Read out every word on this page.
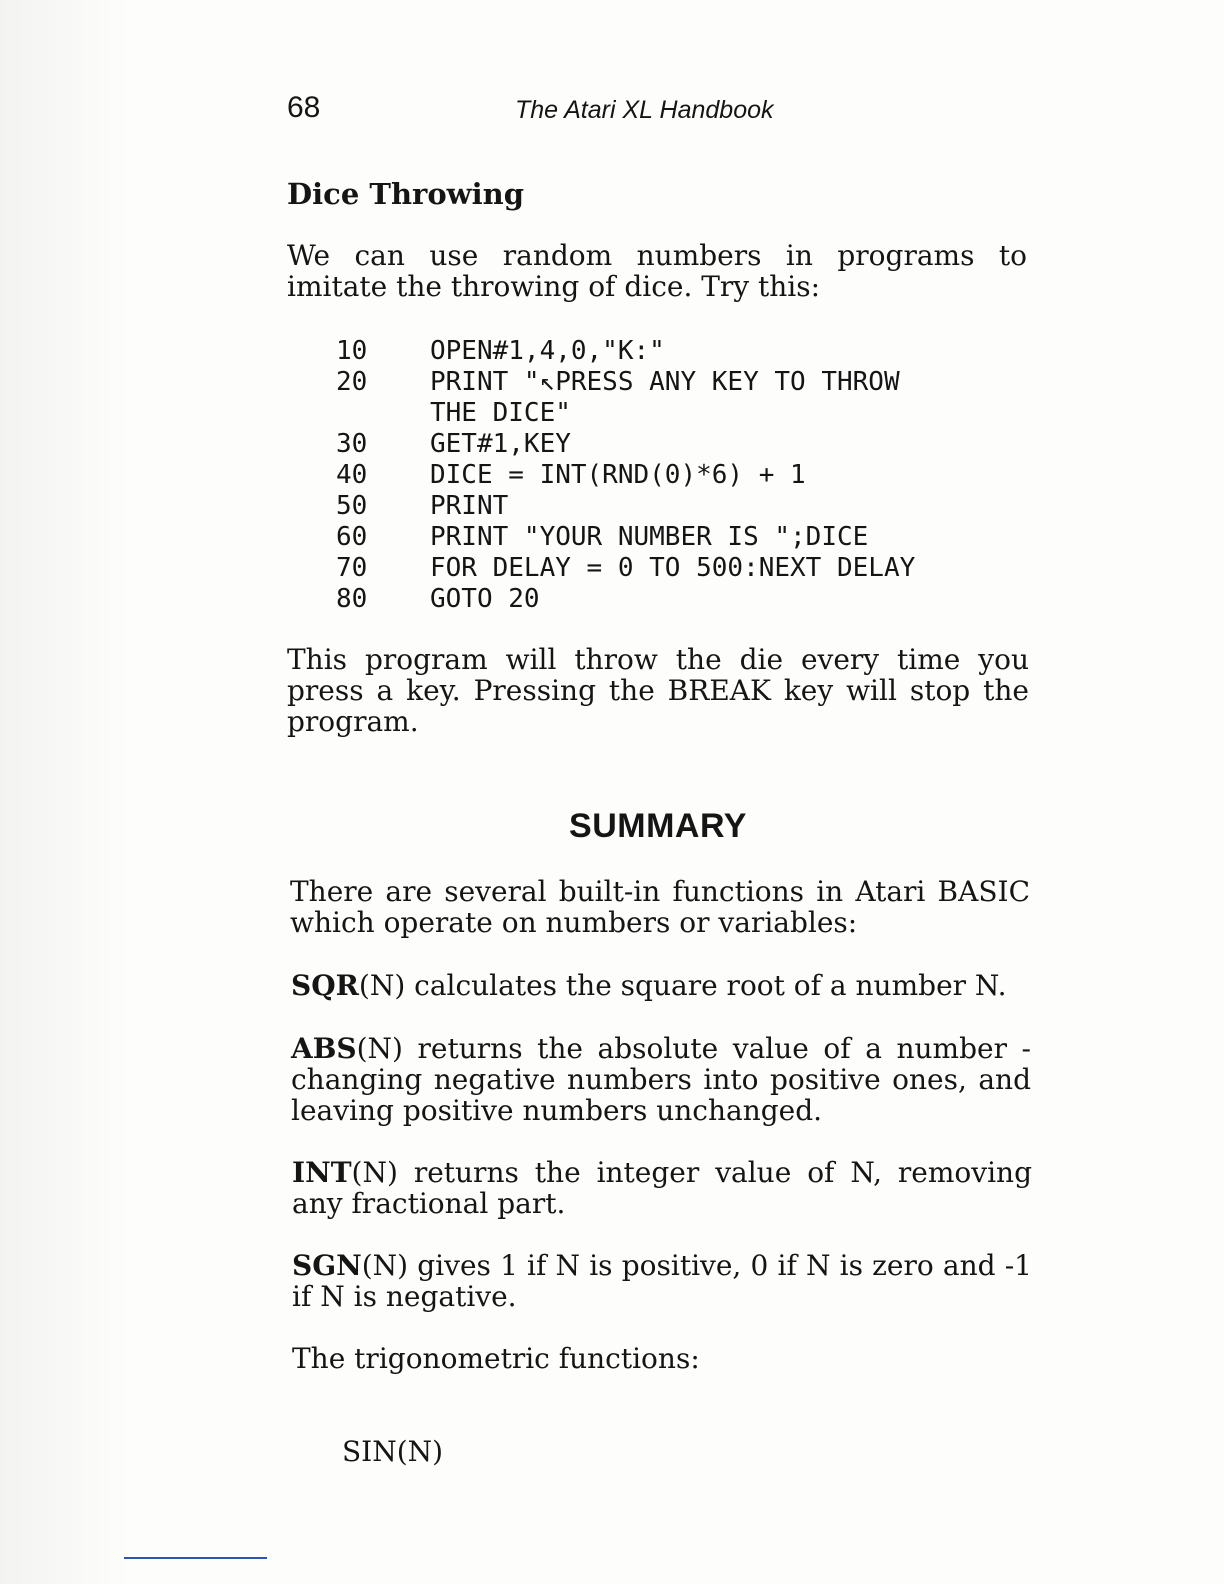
68	The Atari XL Handbook
Dice Throwing

We can use random numbers in programs to

imitate the throwing of dice. Try this:

10

OPEN#1,4,0,"K:"

20

PRINT "↖PRESS ANY KEY TO THROW

THE DICE"

30

GET#1,KEY

40

DICE = INT(RND(0)*6) + 1

50

PRINT

60

PRINT "YOUR NUMBER IS ";DICE

70

FOR DELAY = 0 TO 500:NEXT DELAY

80

GOTO 20

This program will throw the die every time you press a key. Pressing the BREAK key will stop the program.

SUMMARY

There are several built-in functions in Atari BASIC which operate on numbers or variables:

SQR(N) calculates the square root of a number N.

ABS(N) returns the absolute value of a number - changing negative numbers into positive ones, and leaving positive numbers unchanged.

INT(N) returns the integer value of N, removing any fractional part.

SGN(N) gives 1 if N is positive, 0 if N is zero and -1 if N is negative.

The trigonometric functions:

SIN(N)
